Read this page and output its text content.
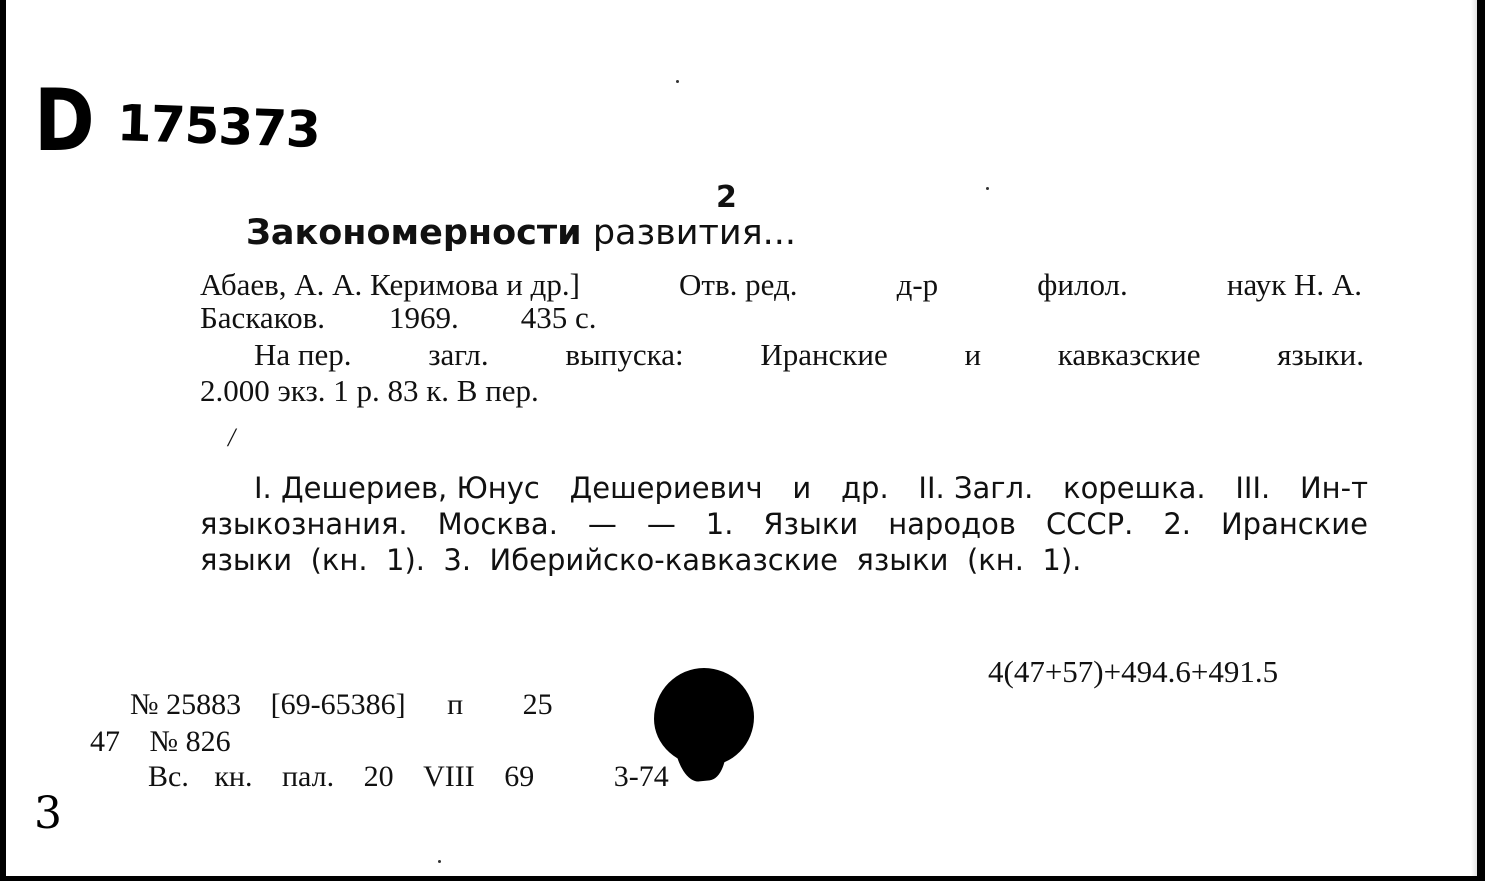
D 175373
2
Закономерности развития...
Абаев, А. А. Керимова и др.]	Отв. ред.	д-р	филол.	наук Н. А.
Баскаков. 1969. 435 с.
На пер. загл. выпуска: Иранские и кавказские языки.
2.000 экз. 1 р. 83 к. В пер.
/
I. Дешериев, Юнус Дешериевич и др. II. Загл. корешка. III. Ин-т
языкознания. Москва. — — 1. Языки народов СССР. 2. Иранские
языки  (кн.  1).  3.  Иберийско-кавказские  языки  (кн.  1).
4(47+57)+494.6+491.5
№ 25883 [69-65386] п 25
47 № 826
Вс. кн. пал. 20 VIII 69	3-74
3
